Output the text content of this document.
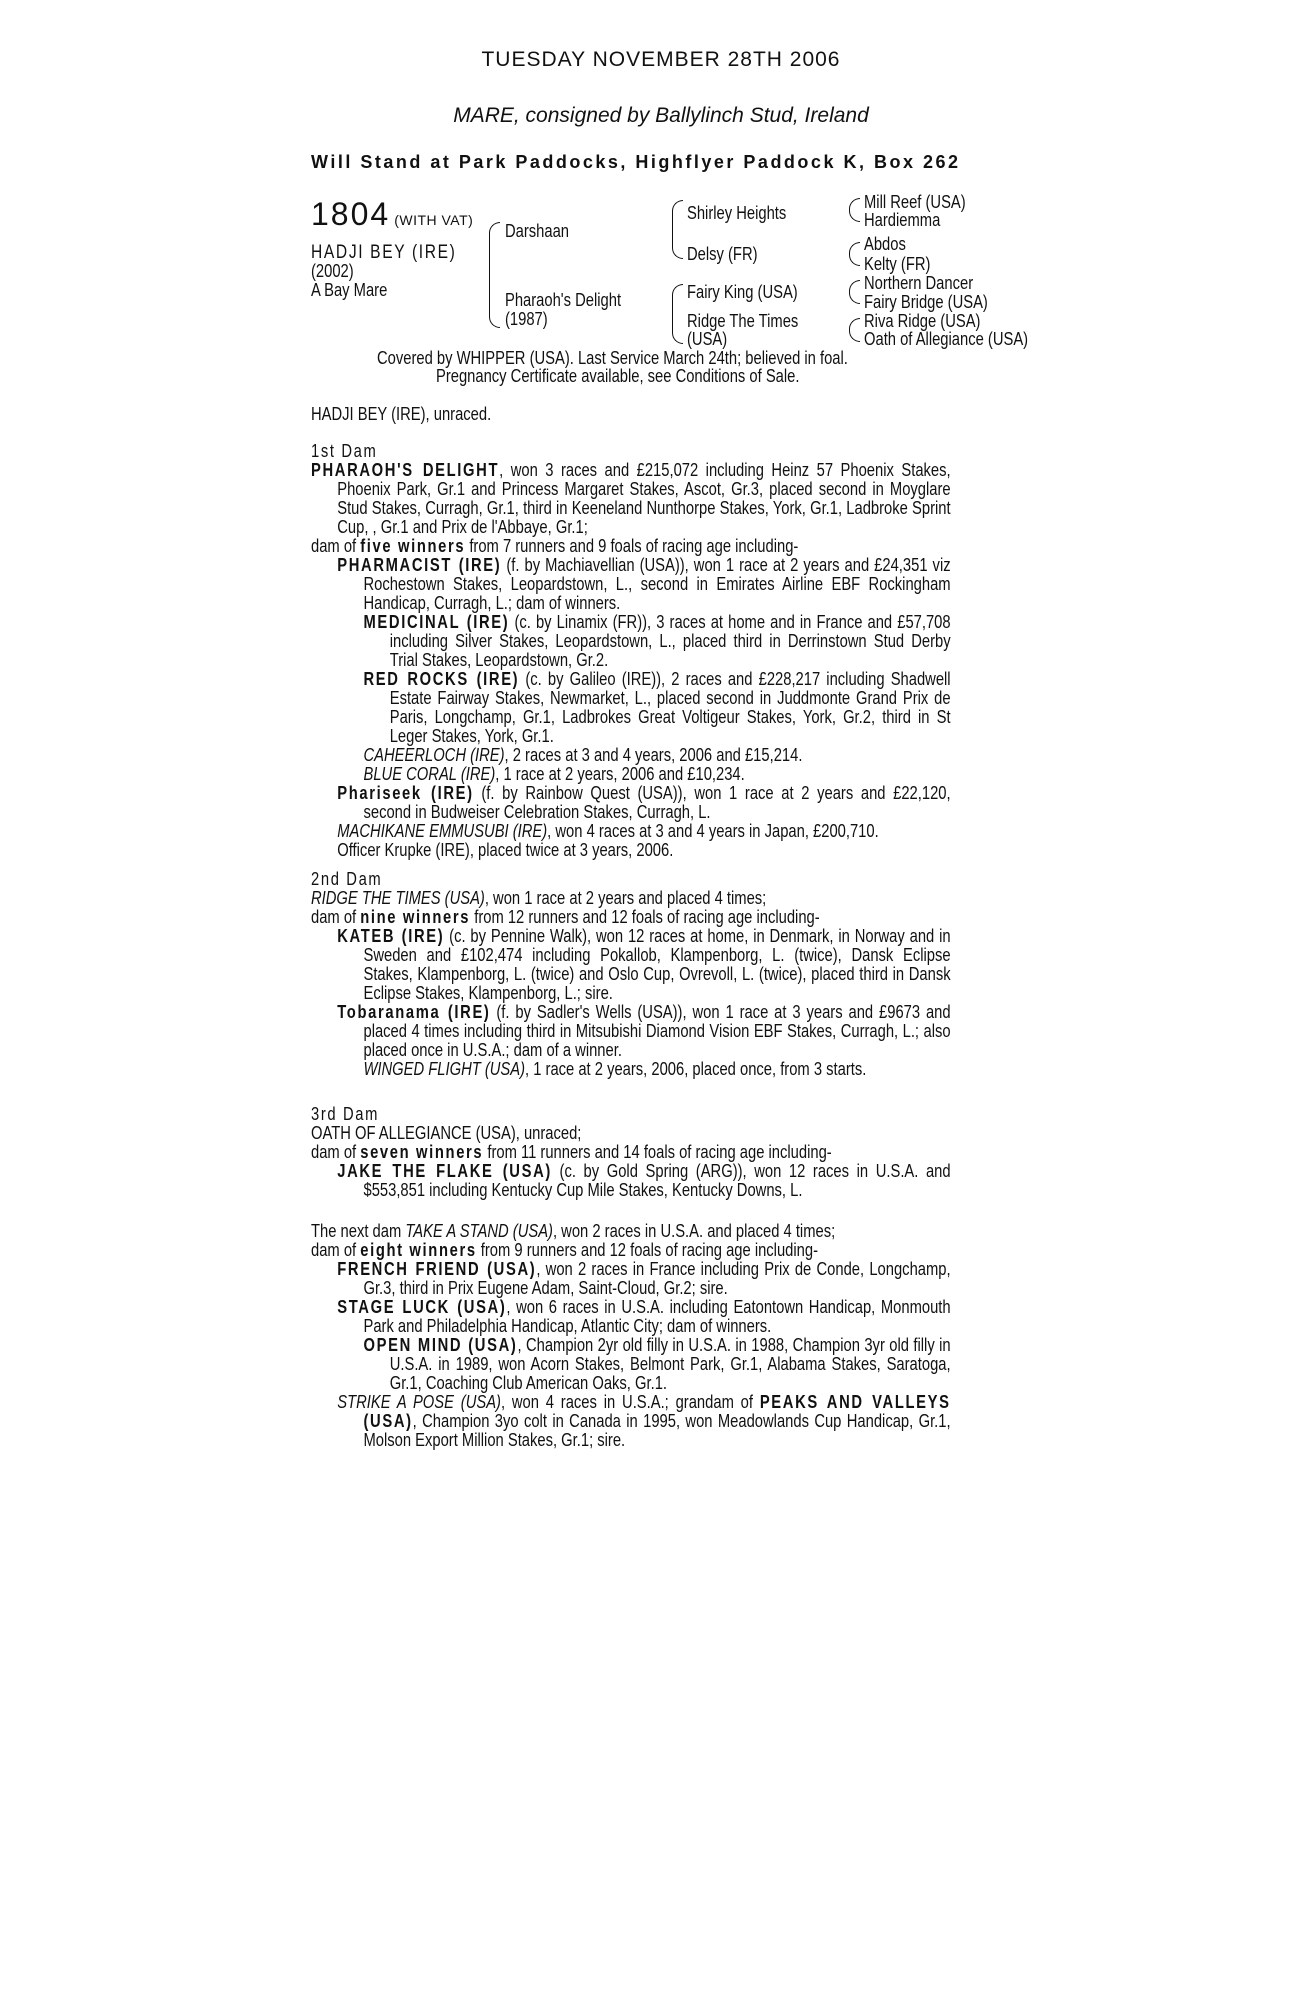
TUESDAY NOVEMBER 28TH 2006
MARE, consigned by Ballylinch Stud, Ireland
Will Stand at Park Paddocks, Highflyer Paddock K, Box 262
1804 (WITH VAT)
HADJI BEY (IRE)
(2002)
A Bay Mare
Darshaan
Pharaoh's Delight
(1987)
Shirley Heights
Delsy (FR)
Fairy King (USA)
Ridge The Times
(USA)
Mill Reef (USA)
Hardiemma
Abdos
Kelty (FR)
Northern Dancer
Fairy Bridge (USA)
Riva Ridge (USA)
Oath of Allegiance (USA)
Covered by WHIPPER (USA). Last Service March 24th; believed in foal.
Pregnancy Certificate available, see Conditions of Sale.
HADJI BEY (IRE), unraced.
1st Dam
PHARAOH'S DELIGHT, won 3 races and £215,072 including Heinz 57 Phoenix Stakes, Phoenix Park, Gr.1 and Princess Margaret Stakes, Ascot, Gr.3, placed second in Moyglare Stud Stakes, Curragh, Gr.1, third in Keeneland Nunthorpe Stakes, York, Gr.1, Ladbroke Sprint Cup, , Gr.1 and Prix de l'Abbaye, Gr.1;
dam of five winners from 7 runners and 9 foals of racing age including-
PHARMACIST (IRE) (f. by Machiavellian (USA)), won 1 race at 2 years and £24,351 viz Rochestown Stakes, Leopardstown, L., second in Emirates Airline EBF Rockingham Handicap, Curragh, L.; dam of winners.
MEDICINAL (IRE) (c. by Linamix (FR)), 3 races at home and in France and £57,708 including Silver Stakes, Leopardstown, L., placed third in Derrinstown Stud Derby Trial Stakes, Leopardstown, Gr.2.
RED ROCKS (IRE) (c. by Galileo (IRE)), 2 races and £228,217 including Shadwell Estate Fairway Stakes, Newmarket, L., placed second in Juddmonte Grand Prix de Paris, Longchamp, Gr.1, Ladbrokes Great Voltigeur Stakes, York, Gr.2, third in St Leger Stakes, York, Gr.1.
CAHEERLOCH (IRE), 2 races at 3 and 4 years, 2006 and £15,214.
BLUE CORAL (IRE), 1 race at 2 years, 2006 and £10,234.
Phariseek (IRE) (f. by Rainbow Quest (USA)), won 1 race at 2 years and £22,120, second in Budweiser Celebration Stakes, Curragh, L.
MACHIKANE EMMUSUBI (IRE), won 4 races at 3 and 4 years in Japan, £200,710.
Officer Krupke (IRE), placed twice at 3 years, 2006.
2nd Dam
RIDGE THE TIMES (USA), won 1 race at 2 years and placed 4 times;
dam of nine winners from 12 runners and 12 foals of racing age including-
KATEB (IRE) (c. by Pennine Walk), won 12 races at home, in Denmark, in Norway and in Sweden and £102,474 including Pokallob, Klampenborg, L. (twice), Dansk Eclipse Stakes, Klampenborg, L. (twice) and Oslo Cup, Ovrevoll, L. (twice), placed third in Dansk Eclipse Stakes, Klampenborg, L.; sire.
Tobaranama (IRE) (f. by Sadler's Wells (USA)), won 1 race at 3 years and £9673 and placed 4 times including third in Mitsubishi Diamond Vision EBF Stakes, Curragh, L.; also placed once in U.S.A.; dam of a winner.
WINGED FLIGHT (USA), 1 race at 2 years, 2006, placed once, from 3 starts.
3rd Dam
OATH OF ALLEGIANCE (USA), unraced;
dam of seven winners from 11 runners and 14 foals of racing age including-
JAKE THE FLAKE (USA) (c. by Gold Spring (ARG)), won 12 races in U.S.A. and $553,851 including Kentucky Cup Mile Stakes, Kentucky Downs, L.
The next dam TAKE A STAND (USA), won 2 races in U.S.A. and placed 4 times;
dam of eight winners from 9 runners and 12 foals of racing age including-
FRENCH FRIEND (USA), won 2 races in France including Prix de Conde, Longchamp, Gr.3, third in Prix Eugene Adam, Saint-Cloud, Gr.2; sire.
STAGE LUCK (USA), won 6 races in U.S.A. including Eatontown Handicap, Monmouth Park and Philadelphia Handicap, Atlantic City; dam of winners.
OPEN MIND (USA), Champion 2yr old filly in U.S.A. in 1988, Champion 3yr old filly in U.S.A. in 1989, won Acorn Stakes, Belmont Park, Gr.1, Alabama Stakes, Saratoga, Gr.1, Coaching Club American Oaks, Gr.1.
STRIKE A POSE (USA), won 4 races in U.S.A.; grandam of PEAKS AND VALLEYS (USA), Champion 3yo colt in Canada in 1995, won Meadowlands Cup Handicap, Gr.1, Molson Export Million Stakes, Gr.1; sire.
